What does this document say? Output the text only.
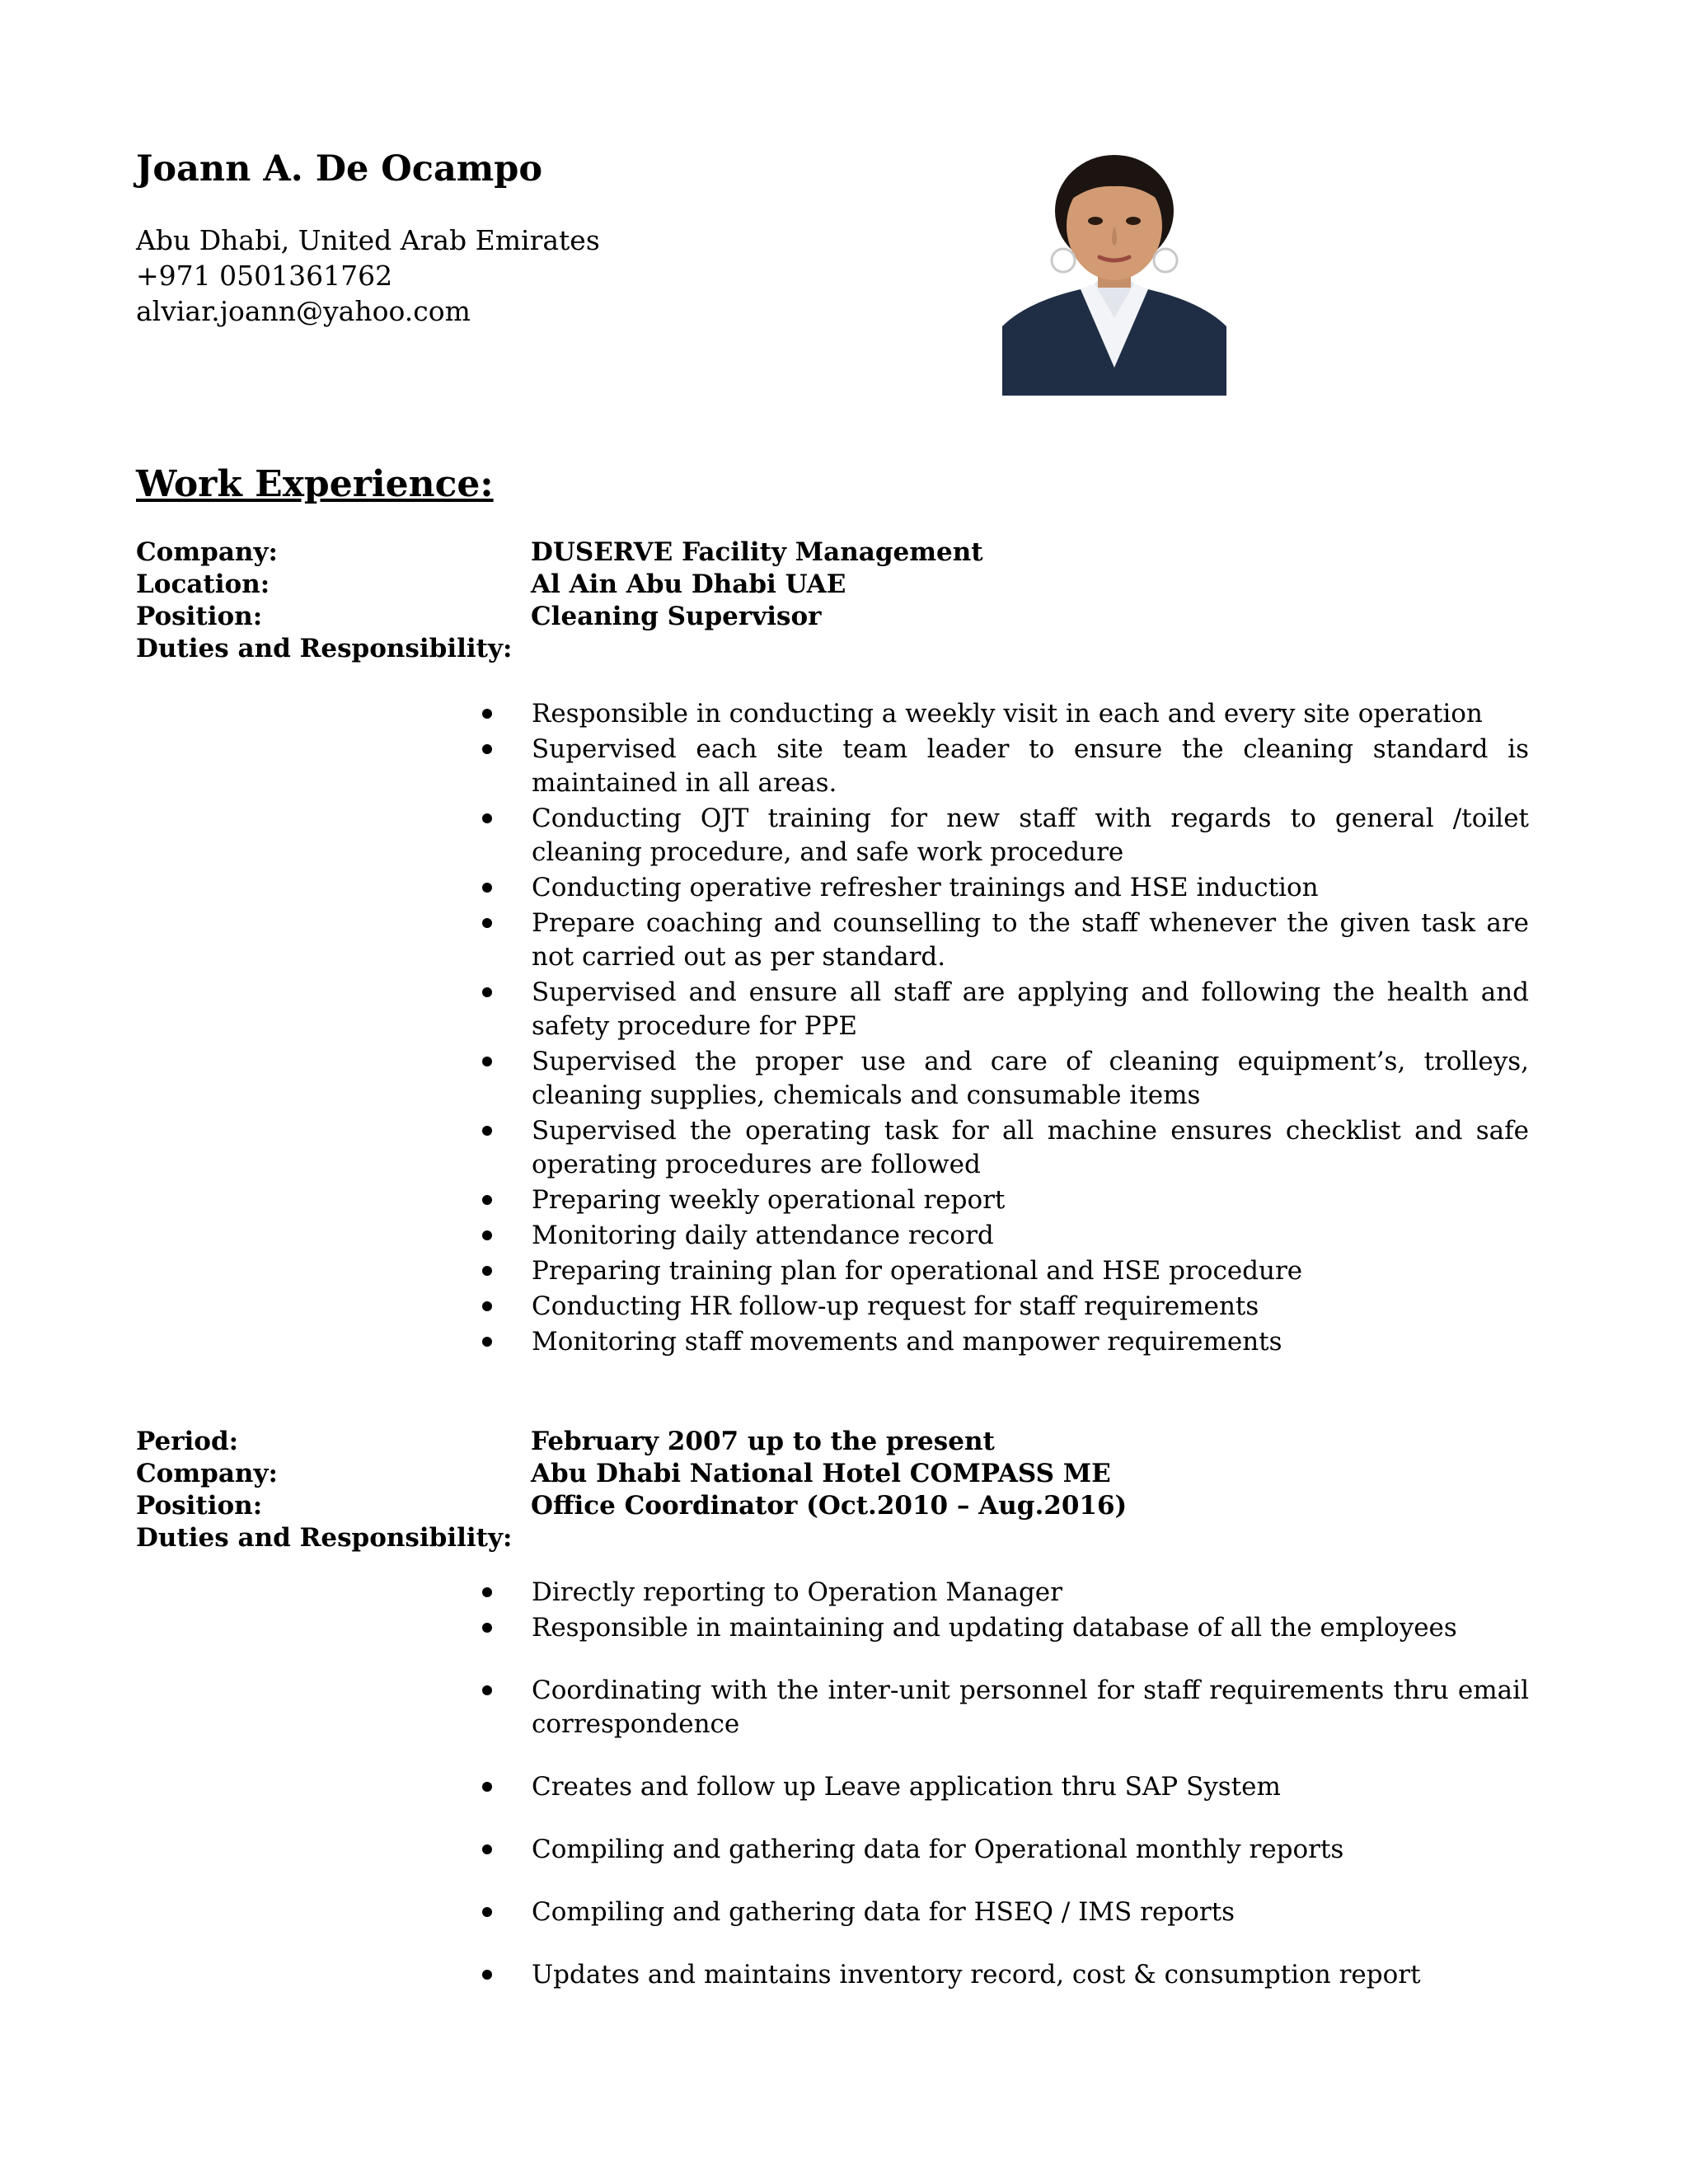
Joann A. De Ocampo
Abu Dhabi, United Arab Emirates
+971 0501361762
alviar.joann@yahoo.com
Work Experience:
Company:	DUSERVE Facility Management
Location:	Al Ain Abu Dhabi UAE
Position:	Cleaning Supervisor
Duties and Responsibility:
Responsible in conducting a weekly visit in each and every site operation
Supervised each site team leader to ensure the cleaning standard is maintained in all areas.
Conducting OJT training for new staff with regards to general /toilet cleaning procedure, and safe work procedure
Conducting operative refresher trainings and HSE induction
Prepare coaching and counselling to the staff whenever the given task are not carried out as per standard.
Supervised and ensure all staff are applying and following the health and safety procedure for PPE
Supervised the proper use and care of cleaning equipment’s, trolleys, cleaning supplies, chemicals and consumable items
Supervised the operating task for all machine ensures checklist and safe operating procedures are followed
Preparing weekly operational report
Monitoring daily attendance record
Preparing training plan for operational and HSE procedure
Conducting HR follow-up request for staff requirements
Monitoring staff movements and manpower requirements
Period:	February 2007 up to the present
Company:	Abu Dhabi National Hotel COMPASS ME
Position:	Office Coordinator (Oct.2010 – Aug.2016)
Duties and Responsibility:
Directly reporting to Operation Manager
Responsible in maintaining and updating database of all the employees
Coordinating with the inter-unit personnel for staff requirements thru email correspondence
Creates and follow up Leave application thru SAP System
Compiling and gathering data for Operational monthly reports
Compiling and gathering data for HSEQ / IMS reports
Updates and maintains inventory record, cost & consumption report
